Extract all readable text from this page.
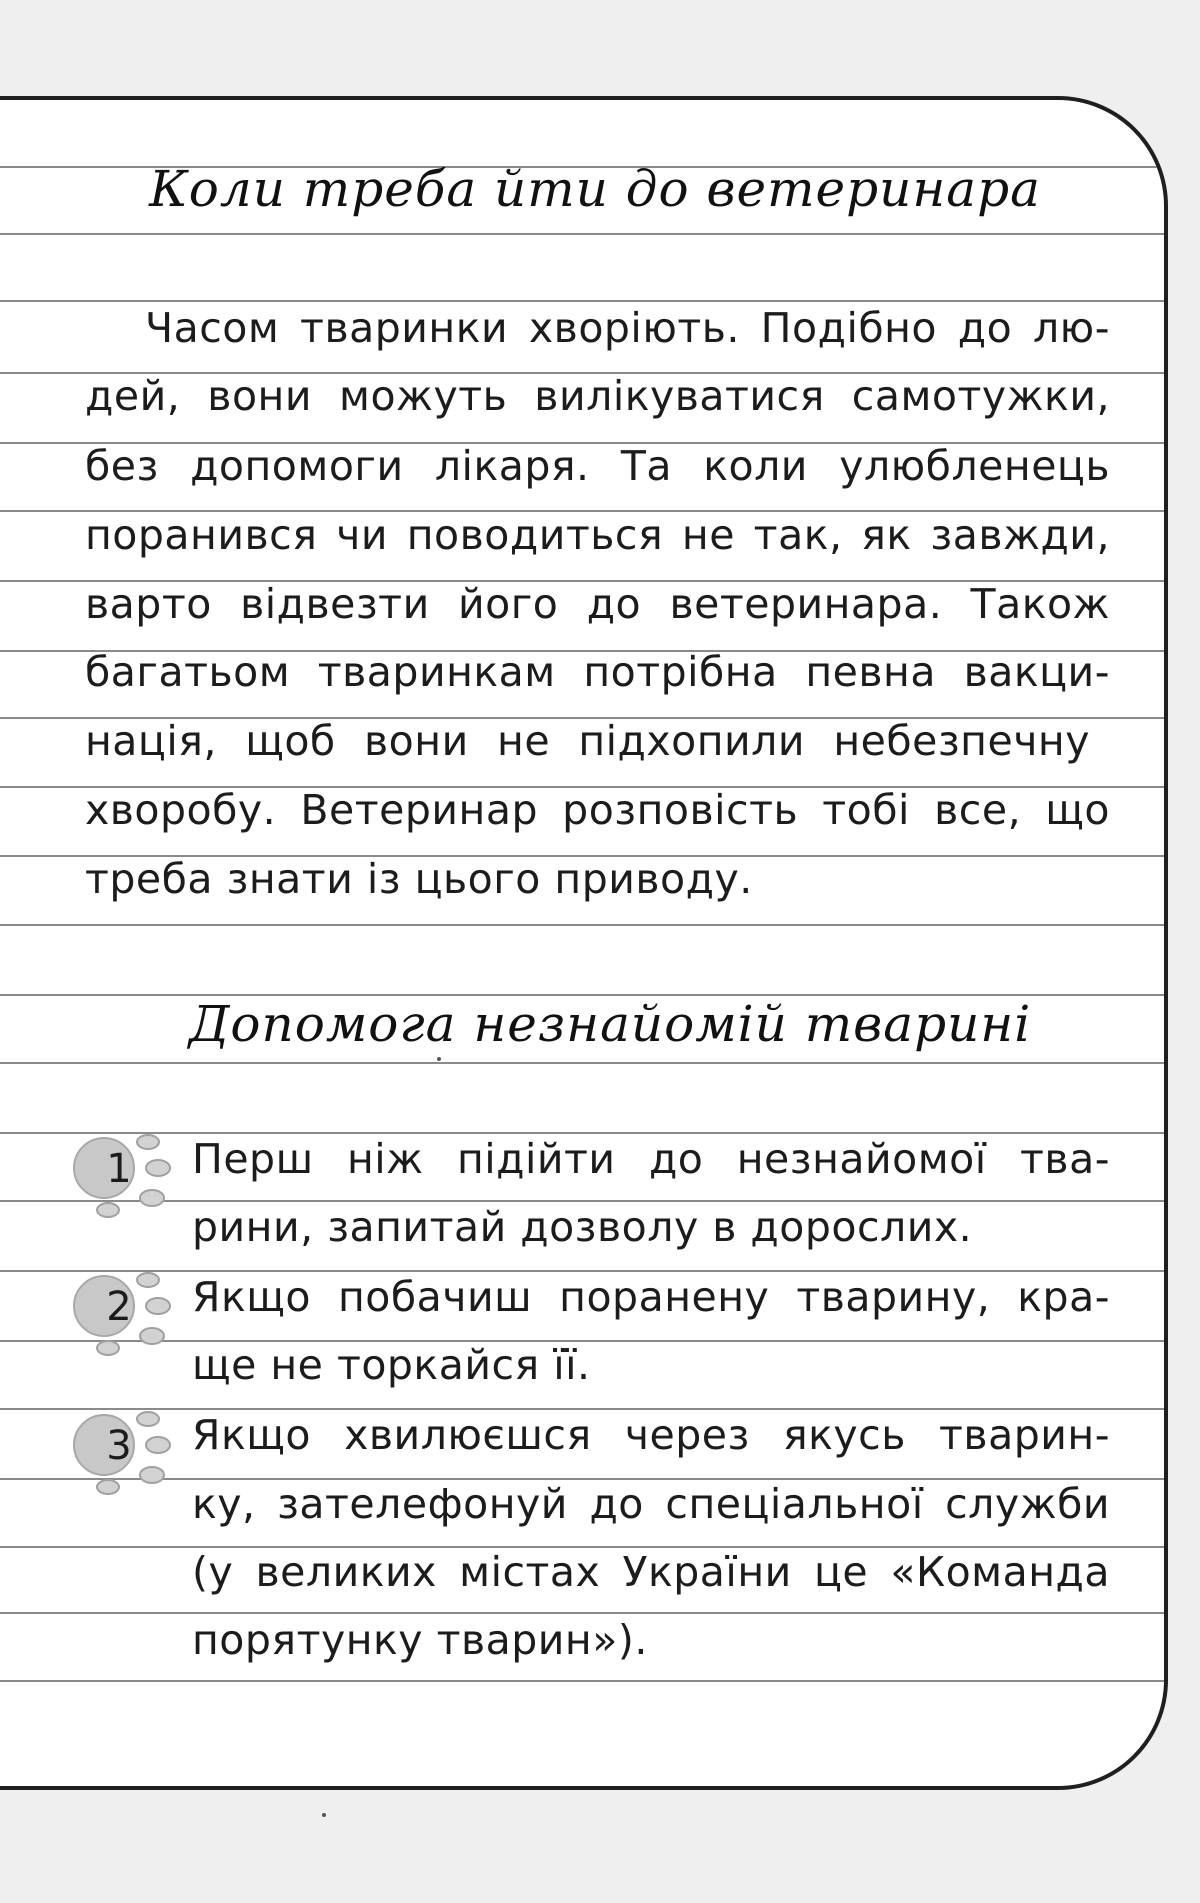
Коли треба йти до ветеринара
Часом тваринки хворіють. Подібно до лю-
дей, вони можуть вилікуватися самотужки,
без допомоги лікаря. Та коли улюбленець
поранився чи поводиться не так, як завжди,
варто відвезти його до ветеринара. Також
багатьом тваринкам потрібна певна вакци-
нація, щоб вони не підхопили небезпечну
хворобу. Ветеринар розповість тобі все, що
треба знати із цього приводу.
Допомога незнайомій тварині
1 Перш ніж підійти до незнайомої тва-
рини, запитай дозволу в дорослих.
2 Якщо побачиш поранену тварину, кра-
ще не торкайся її.
3 Якщо хвилюєшся через якусь тварин-
ку, зателефонуй до спеціальної служби
(у великих містах України це «Команда
порятунку тварин»).
